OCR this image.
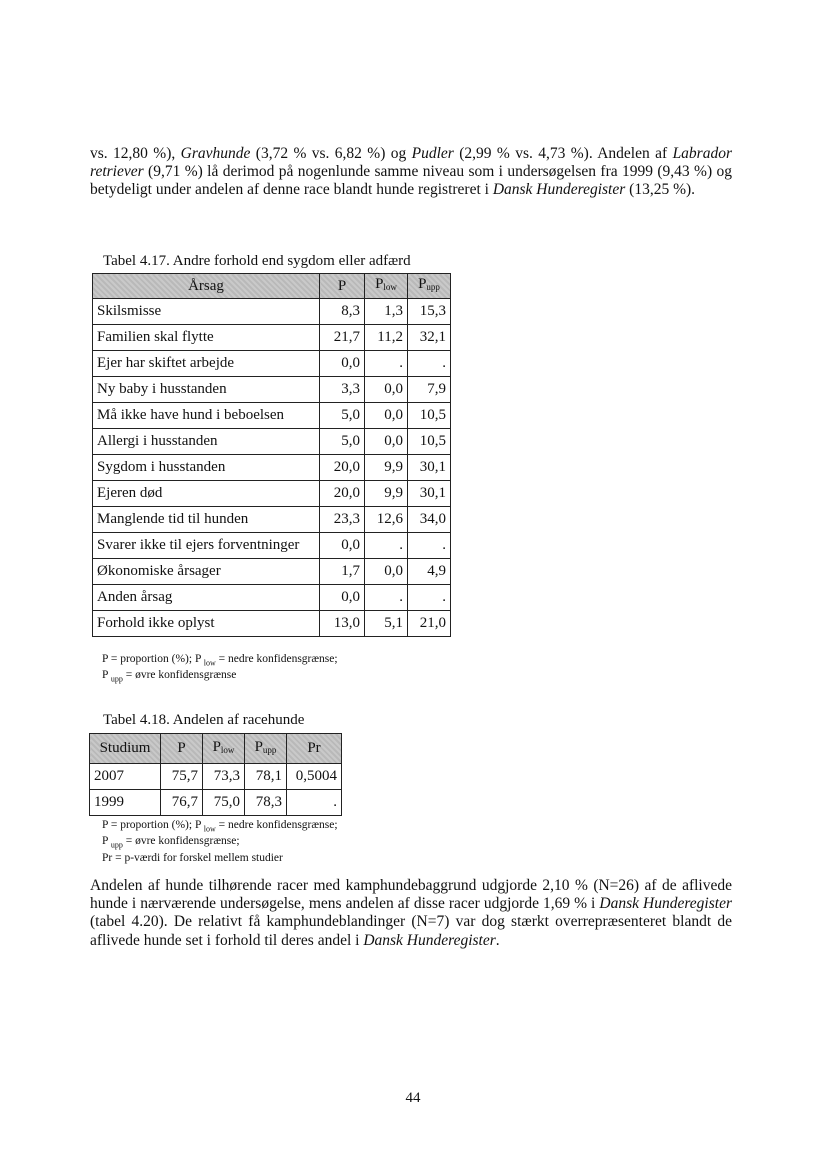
vs. 12,80 %), Gravhunde (3,72 % vs. 6,82 %) og Pudler (2,99 % vs. 4,73 %). Andelen af Labrador retriever (9,71 %) lå derimod på nogenlunde samme niveau som i undersøgelsen fra 1999 (9,43 %) og betydeligt under andelen af denne race blandt hunde registreret i Dansk Hunderegister (13,25 %).

Tabel 4.17. Andre forhold end sygdom eller adfærd

Årsag	P	$P_{low}$	$P_{upp}$
Skilsmisse	8,3	1,3	15,3
Familien skal flytte	21,7	11,2	32,1
Ejer har skiftet arbejde	0,0	.	.
Ny baby i husstanden	3,3	0,0	7,9
Må ikke have hund i beboelsen	5,0	0,0	10,5
Allergi i husstanden	5,0	0,0	10,5
Sygdom i husstanden	20,0	9,9	30,1
Ejeren død	20,0	9,9	30,1
Manglende tid til hunden	23,3	12,6	34,0
Svarer ikke til ejers forventninger	0,0	.	.
Økonomiske årsager	1,7	0,0	4,9
Anden årsag	0,0	.	.
Forhold ikke oplyst	13,0	5,1	21,0

P = proportion (%); P $_{low}$ = nedre konfidensgrænse;
P $_{upp}$ = øvre konfidensgrænse

Tabel 4.18. Andelen af racehunde

Studium	P	$P_{low}$	$P_{upp}$	Pr
2007	75,7	73,3	78,1	0,5004
1999	76,7	75,0	78,3	.

P = proportion (%); P $_{low}$ = nedre konfidensgrænse;
P $_{upp}$ = øvre konfidensgrænse;
Pr = p-værdi for forskel mellem studier

Andelen af hunde tilhørende racer med kamphundebaggrund udgjorde 2,10 % (N=26) af de aflivede hunde i nærværende undersøgelse, mens andelen af disse racer udgjorde 1,69 % i Dansk Hunderegister (tabel 4.20). De relativt få kamphundeblandinger (N=7) var dog stærkt overrepræsenteret blandt de aflivede hunde set i forhold til deres andel i Dansk Hunderegister.

44
